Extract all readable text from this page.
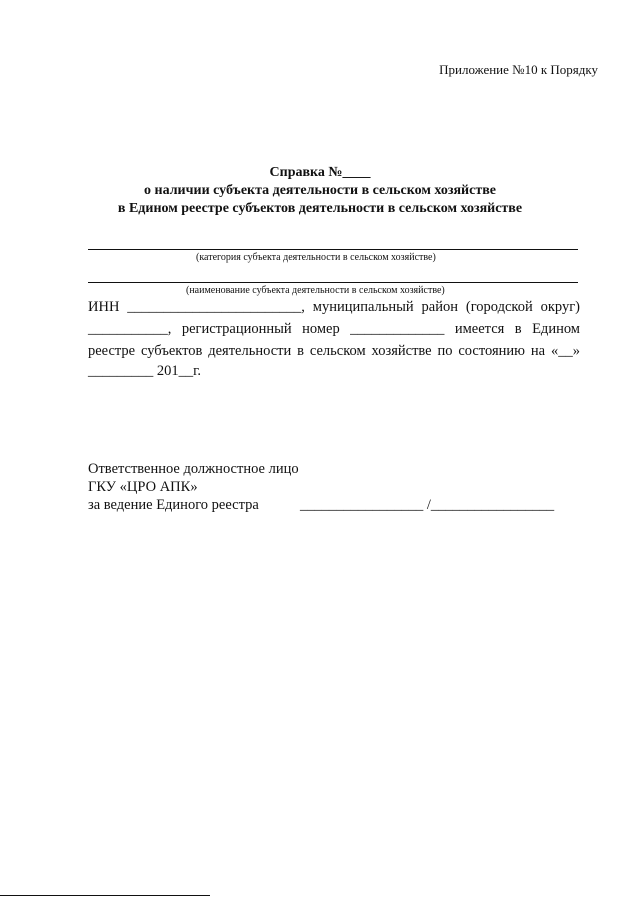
Приложение №10 к Порядку
Справка №____
о наличии субъекта деятельности в сельском хозяйстве
в Едином реестре субъектов деятельности в сельском хозяйстве
(категория субъекта деятельности в сельском хозяйстве)
(наименование субъекта деятельности в сельском хозяйстве)
ИНН ________________________, муниципальный район (городской округ)
___________, регистрационный номер _____________ имеется в Едином
реестре субъектов деятельности в сельском хозяйстве по состоянию на «__»
_________ 201__г.
Ответственное должностное лицо
ГКУ «ЦРО АПК»
за ведение Единого реестра	_________________ /_________________
